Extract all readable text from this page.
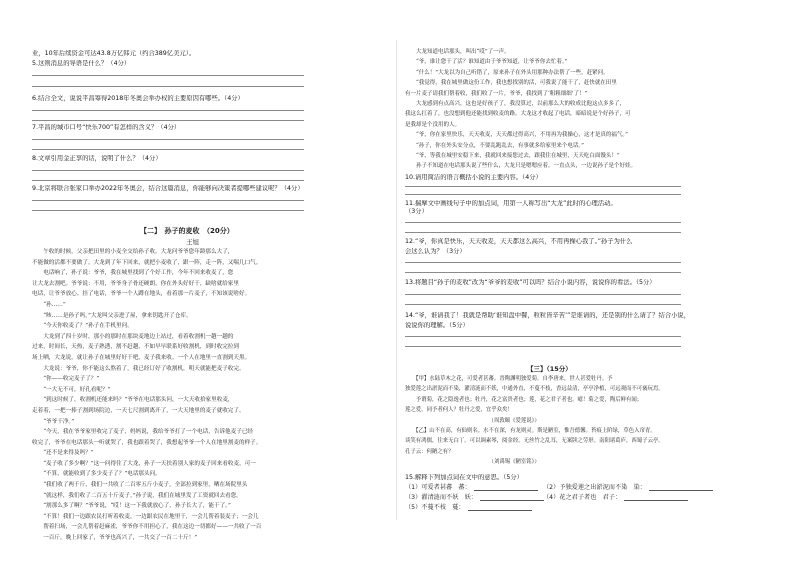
业，10年后续资金可达43.8万亿韩元（约合389亿美元）。
5.这则消息的导语是什么？（4分）
6.结合全文，说说平昌筹得2018年冬奥会举办权的主要原因有哪些。（4分）
7.平昌的城市口号“快乐700”有怎样的含义？（4分）
8.文章引用金正享的话，说明了什么？（4分）
9.北京将联合张家口举办2022年冬奥会，结合这篇消息，你能够向决策者提哪些建议呢？（4分）
【二】　孙子的麦收　（20分）
王旭
　　午收的时候，父亲把田里的小麦全交给孙子收。大龙问爷爷您年龄那么大了，
不能做的活都不要做了。大龙到了年下回来，就把小麦收了，跟一阵，走一阵，又喘几口气。
　　电话响了，孙子说：爷爷，我在城里找到了个好工作，今年不回来收麦了，您
让大龙去割吧。爷爷说：不用，爷爷身子骨还硬朗，你在外头好好干，缺啥就给家里
电话，让爷爷放心。挂了电话，爷爷一个人蹲在地头，看着那一片麦子，不知该说啥好。
　　“孙……”
　　“咳……是孙子吗。”大龙叫父亲进了屋，拿来钥匙开了仓库。
　　“今天你收麦了？”孙子在手机里问。
　　大龙到了四十岁时，那小的那时在那块麦地边上站过，看着收割机一趟一趟的
过来，时间长，天热，麦子熟透，割不赶趟，不如早早联系好收割机，到时收完拉到
场上晒，大龙说，就让孙子在城里好好干吧，麦子我来收。一个人在地里一直割到天黑。
　　大龙说：爷爷，你不能这么熬着了，我已经订好了收割机，明天就能把麦子收完。
　　“你——收完麦子了？”
　　“一大无不可，好孔看呢？”
　　“到这时候了，收割机还能来吗？”爷爷在电话那头问，一大天收拾家里收麦，
走着着，一把一捧子割到场院边，一天七尺割到离开了，一大天地里的麦子就收完了。
　　“爷爷干净。”
　　“今天，我在爷爷家里收完了麦子，妈妈说，我给爷爷打了一个电话，告诉他麦子已经
收完了，爷爷在电话那头一听就哭了，我也跟着哭了，我想起爷爷一个人在地里割麦的样子。
　　“还不是来得及吗？”
　　“麦子收了多少啊？”这一问得住了大龙，孙子一天扶着别人家的麦子回来看收麦，可一
　　“不算，就能收到了多少麦子了？”电话那头问。
　　“我们收了两千斤，我们一共收了二百零五斤小麦子，全部拉到家里，晒在场院里头
　　“就这样，我们收了二百五十斤麦子。”孙子说，我们在城里发了工资就回去看您。
　　“割那么多了啊？”爷爷说，“哎！这一下我就放心了，孙子长大了，能干了。”
　　“不算！我们一边跟农民打听着收麦，一边跟农民在地里干，一会儿帮着装麦子；一会儿
　　帮着扫场，一会儿帮着赶麻雀，爷爷你不用担心了，我在这边一切都好——一共收了一百
　　一百斤，晚上回家了，爷爷也高兴了，一共交了一百二十斤！”
　　大龙知道电话那头，叫出“哎”了一声。
　　“爷，谁让您干了活？谁知道由于爷爷知道，让爷爷你去忙着。”
　　“什么！”大龙以为自己听错了，原来孙子在外头用那种办法帮了一些，赶紧问。
　　“我觉得，我在城里做这份工作，我也想找别的活，可我说了能干了，赶快就在田里
有一片麦子请我们帮着收，我们收了一片，爷爷，我找到了‘粗粗细细’了！”
　　大龙感到有点高兴，这也是好孩子了，我没算过，以前那么大的收成比他这点多多了，
我这么扛着了，也没想到他还能找到收麦的路。大龙这才收起了电话，暗暗说是个好孙子，可
是我却是个没用的人。
　　“爷，你在家里快乐，天天收麦，天天都过得高兴，不用再为我操心，这才是真的福气。”
　　“孙子，你在外头安分点，不要乱跑乱去，有事就多给家里来个电话。”
　　“爷，等我在城里安稳下来，我就回来接您过去，跟我住在城里，天天吃白面馒头！”
　　孙子不知道在电话那头说了些什么，大龙只是嗯嗯应着，一直点头，一边说孙子是个好娃。
10.请用简洁的语言概括小说的主要内容。（4分）
11.揣摩文中画线句子中的加点词，用第一人称写出“大龙”此时的心理活动。
（3分）
12.“爷，你真是快乐，天天收麦，天天都这么高兴，不用再操心我了。”孙子为什么
会这么认为？（3分）
13.将题目“孙子的麦收”改为“爷爷的麦收”可以吗？结合小说内容，说说你的看法。（5分）
14.“爷，谁请我了！我就是帮助‘谁知盘中餐，粒粒皆辛苦’”是谁请的，还是别的什么请了？结合小说，
说说你的理解。（5分）
【三】（15分）
　　【甲】水陆草木之花，可爱者甚蕃。晋陶渊明独爱菊。自李唐来，世人甚爱牡丹。予
独爱莲之出淤泥而不染，濯清涟而不妖，中通外直，不蔓不枝，香远益清，亭亭净植，可远观而不可亵玩焉。
　　予谓菊，花之隐逸者也；牡丹，花之富贵者也；莲，花之君子者也。噫！菊之爱，陶后鲜有闻；
莲之爱，同予者何人？牡丹之爱，宜乎众矣！
　　　　　　　　　　　　　　　　（周敦颐《爱莲说》）
　　【乙】山不在高，有仙则名。水不在深，有龙则灵。斯是陋室，惟吾德馨。苔痕上阶绿，草色入帘青。
谈笑有鸿儒，往来无白丁。可以调素琴，阅金经。无丝竹之乱耳，无案牍之劳形。南阳诸葛庐，西蜀子云亭。
孔子云：何陋之有？
　　　　　　　　　　　　　　　　（刘禹锡《陋室铭》）
15.解释下列加点词在文中的意思。（5分）
（1）可爱者甚蕃　蕃：	（2）予独爱莲之出淤泥而不染　染：
（3）濯清涟而不妖　妖：	（4）花之君子者也　君子：
（5）不蔓不枝　蔓：
